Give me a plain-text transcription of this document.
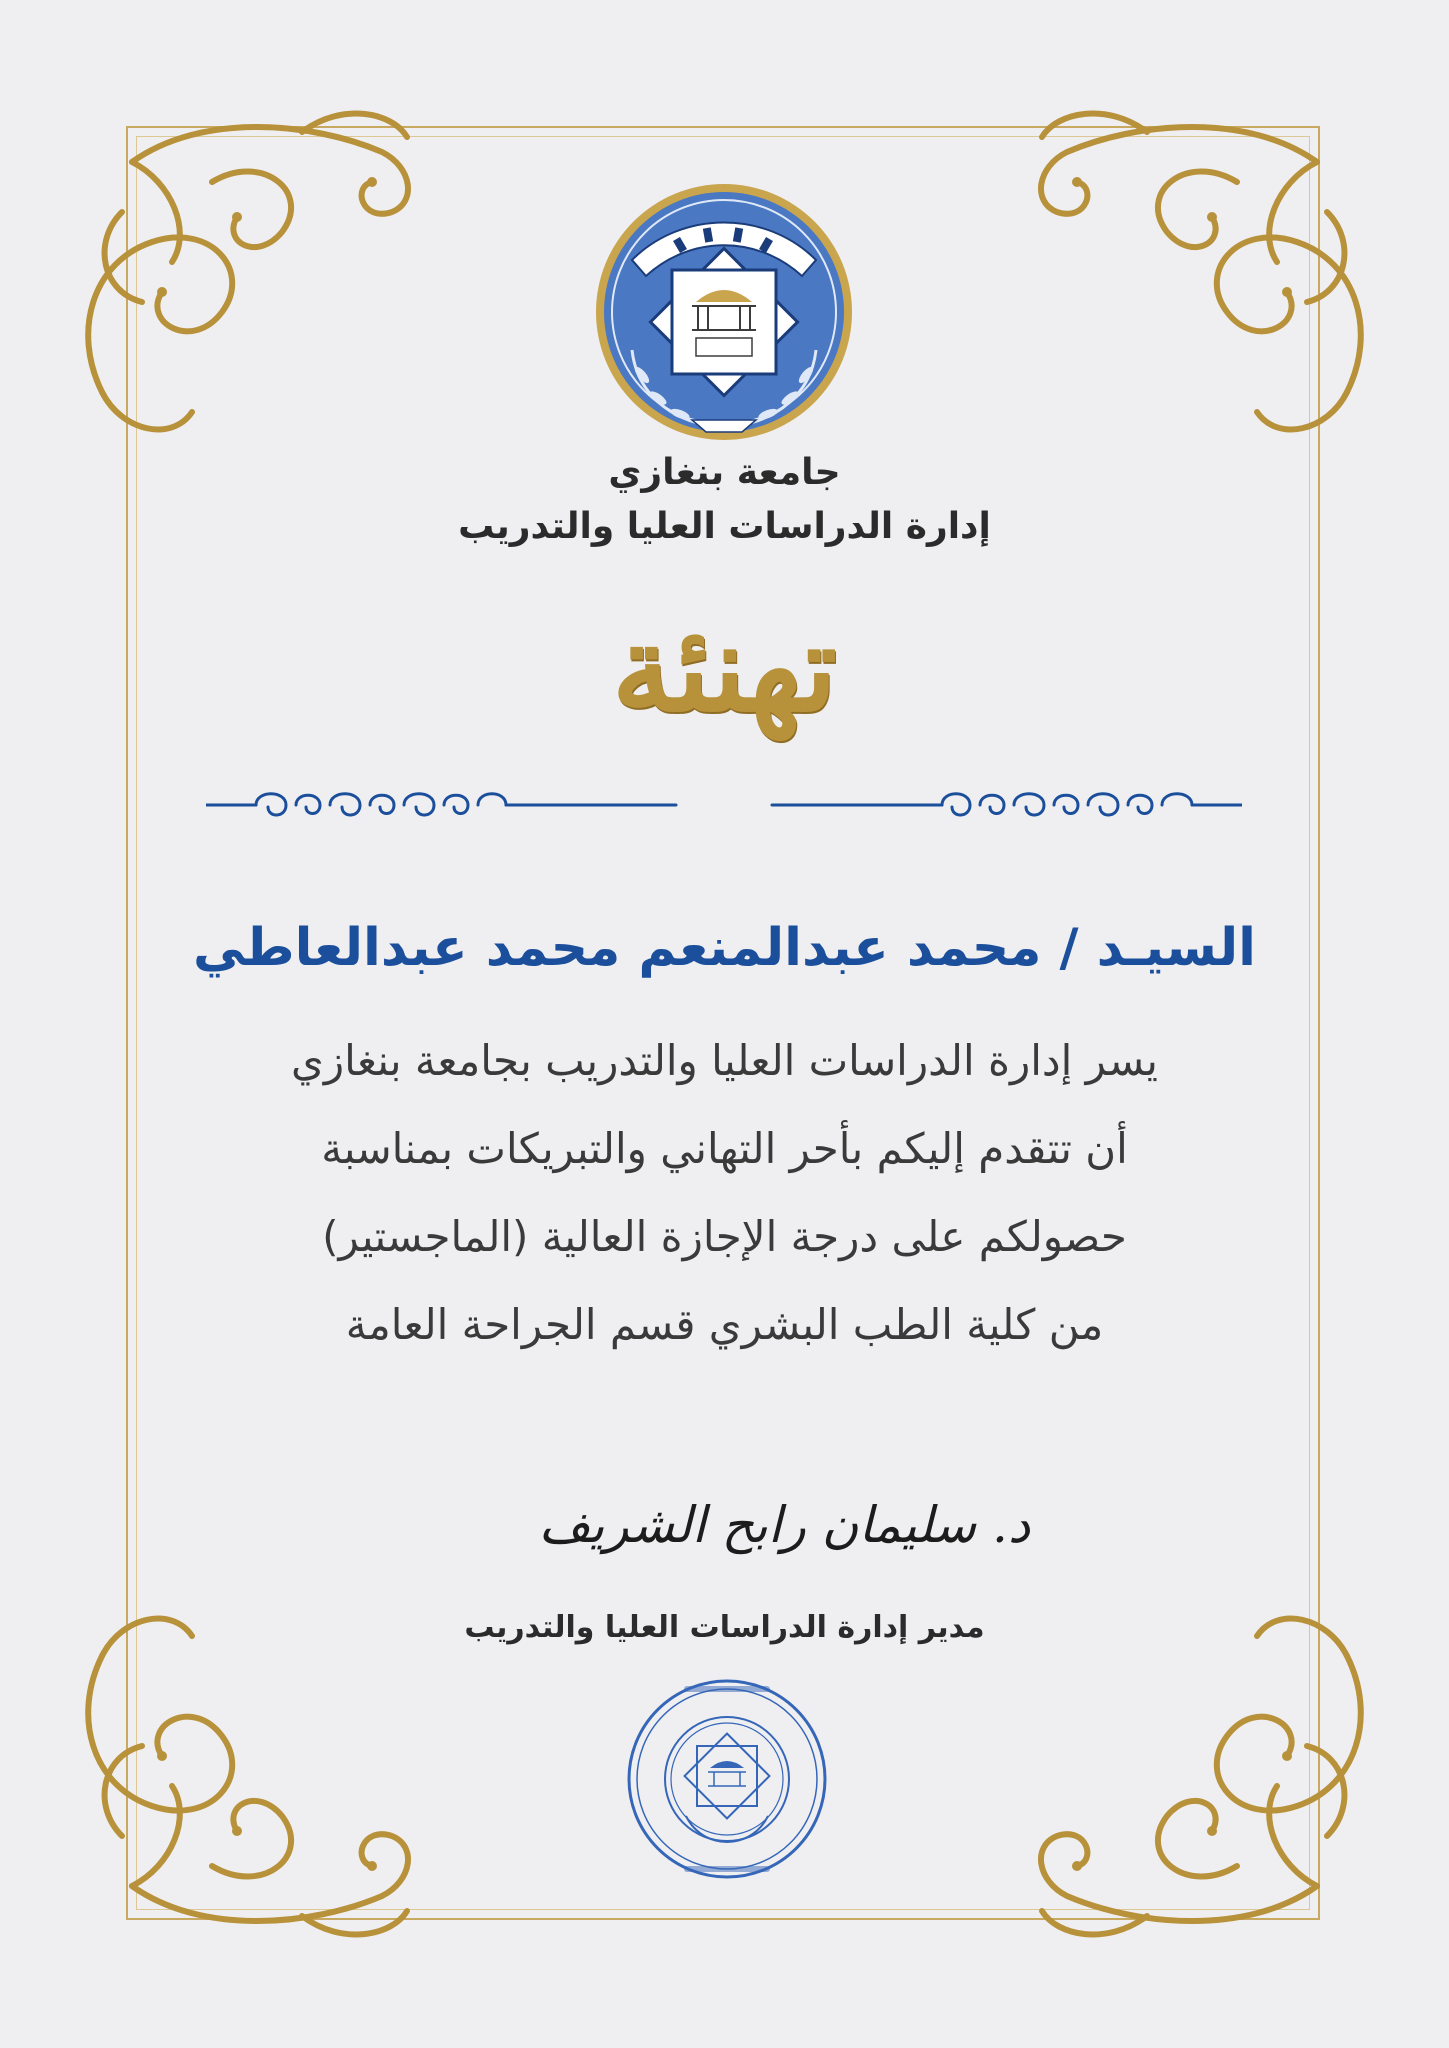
جامعة بنغازي
إدارة الدراسات العليا والتدريب
تهنئة
السيـد / محمد عبدالمنعم محمد عبدالعاطي
يسر إدارة الدراسات العليا والتدريب بجامعة بنغازي
أن تتقدم إليكم بأحر التهاني والتبريكات بمناسبة
حصولكم على درجة الإجازة العالية (الماجستير)
من كلية الطب البشري قسم الجراحة العامة
د. سليمان رابح الشريف
مدير إدارة الدراسات العليا والتدريب
